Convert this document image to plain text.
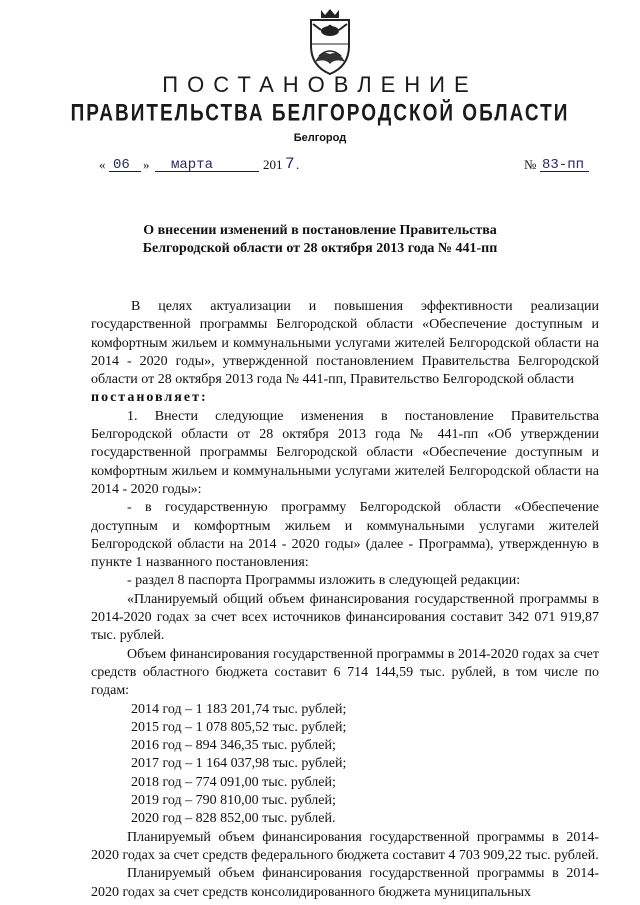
ПОСТАНОВЛЕНИЕ
ПРАВИТЕЛЬСТВА БЕЛГОРОДСКОЙ ОБЛАСТИ
Белгород
« 06 » марта	201 7 .	№ 83-пп
О внесении изменений в постановление Правительства
Белгородской области от 28 октября 2013 года № 441-пп

В целях актуализации и повышения эффективности реализации государственной программы Белгородской области «Обеспечение доступным и комфортным жильем и коммунальными услугами жителей Белгородской области на 2014 - 2020 годы», утвержденной постановлением Правительства Белгородской области от 28 октября 2013 года № 441-пп, Правительство Белгородской области

постановляет:

1. Внести следующие изменения в постановление Правительства Белгородской области от 28 октября 2013 года № 441-пп «Об утверждении государственной программы Белгородской области «Обеспечение доступным и комфортным жильем и коммунальными услугами жителей Белгородской области на 2014 - 2020 годы»:

- в государственную программу Белгородской области «Обеспечение доступным и комфортным жильем и коммунальными услугами жителей Белгородской области на 2014 - 2020 годы» (далее - Программа), утвержденную в пункте 1 названного постановления:

- раздел 8 паспорта Программы изложить в следующей редакции:

«Планируемый общий объем финансирования государственной программы в 2014-2020 годах за счет всех источников финансирования составит 342 071 919,87 тыс. рублей.

Объем финансирования государственной программы в 2014-2020 годах за счет средств областного бюджета составит 6 714 144,59 тыс. рублей, в том числе по годам:

2014 год – 1 183 201,74 тыс. рублей;
2015 год – 1 078 805,52 тыс. рублей;
2016 год – 894 346,35 тыс. рублей;
2017 год – 1 164 037,98 тыс. рублей;
2018 год – 774 091,00 тыс. рублей;
2019 год – 790 810,00 тыс. рублей;
2020 год – 828 852,00 тыс. рублей.

Планируемый объем финансирования государственной программы в 2014-2020 годах за счет средств федерального бюджета составит 4 703 909,22 тыс. рублей.

Планируемый объем финансирования государственной программы в 2014-2020 годах за счет средств консолидированного бюджета муниципальных
